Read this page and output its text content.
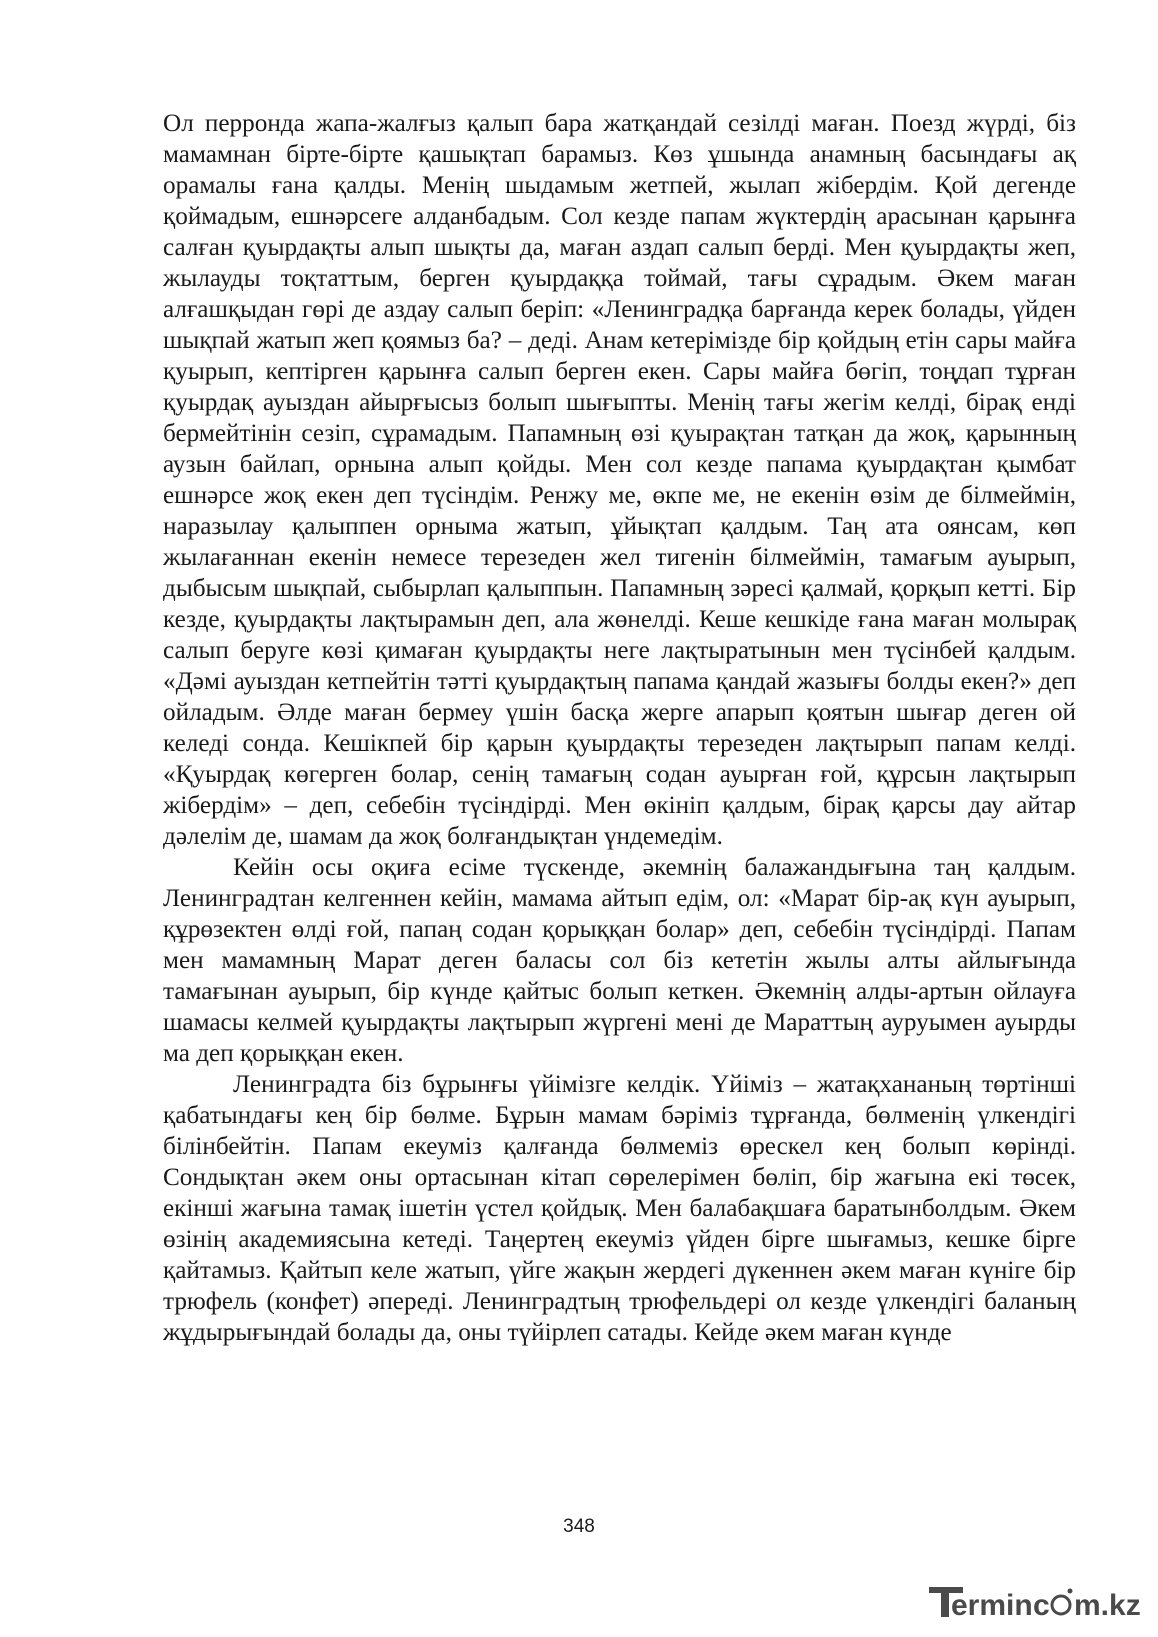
Ол перронда жапа-жалғыз қалып бара жатқандай сезілді маған. Поезд жүрді, біз мамамнан біртe-біртe қашықтап барамыз. Көз ұшында анамның басындағы ақ орамалы ғана қалды. Менің шыдамым жетпей, жылап жібердім. Қой дегенде қоймадым, ешнәрсеге алданбадым. Сол кезде папам жүктердің арасынан қарынға салған қуырдақты алып шықты да, маған аздап салып берді. Мен қуырдақты жеп, жылауды тоқтаттым, берген қуырдаққа тоймай, тағы сұрадым. Әкем маған алғашқыдан гөрі де аздау салып беріп: «Ленинградқа барғанда керек болады, үйден шықпай жатып жеп қоямыз ба? – деді. Анам кетерімізде бір қойдың етін сары майға қуырып, кептірген қарынға салып берген екен. Сары майға бөгіп, тоңдап тұрған қуырдақ ауыздан айырғысыз болып шығыпты. Менің тағы жегім келді, бірақ енді бермейтінін сезіп, сұрамадым. Папамның өзі қуырақтан татқан да жоқ, қарынның аузын байлап, орнына алып қойды. Мен сол кезде папама қуырдақтан қымбат ешнәрсе жоқ екен деп түсіндім. Ренжу ме, өкпе ме, не екенін өзім де білмеймін, наразылау қалыппен орныма жатып, ұйықтап қалдым. Таң ата оянсам, көп жылағаннан екенін немесе терезеден жел тигенін білмеймін, тамағым ауырып, дыбысым шықпай, сыбырлап қалыппын. Папамның зәресі қалмай, қорқып кетті. Бір кезде, қуырдақты лақтырамын деп, ала жөнелді. Кеше кешкіде ғана маған молырақ салып беруге көзі қимаған қуырдақты неге лақтыратынын мен түсінбей қалдым. «Дәмі ауыздан кетпейтін тәтті қуырдақтың папама қандай жазығы болды екен?» деп ойладым. Әлде маған бермеу үшін басқа жерге апарып қоятын шығар деген ой келеді сонда. Кешікпей бір қарын қуырдақты терезеден лақтырып папам келді. «Қуырдақ көгерген болар, сенің тамағың содан ауырған ғой, құрсын лақтырып жібердім» – деп, себебін түсіндірді. Мен өкініп қалдым, бірақ қарсы дау айтар дәлелім де, шамам да жоқ болғандықтан үндемедім.

Кейін осы оқиға есіме түскенде, әкемнің балажандығына таң қалдым. Ленинградтан келгеннен кейін, мамама айтып едім, ол: «Марат бір-ақ күн ауырып, құрөзектен өлді ғой, папаң содан қорыққан болар» деп, себебін түсіндірді. Папам мен мамамның Марат деген баласы сол біз кететін жылы алты айлығында тамағынан ауырып, бір күнде қайтыс болып кеткен. Әкемнің алды-артын ойлауға шамасы келмей қуырдақты лақтырып жүргені мені де Мараттың ауруымен ауырды ма деп қорыққан екен.

Ленинградта біз бұрынғы үйімізге келдік. Үйіміз – жатақхананың төртінші қабатындағы кең бір бөлме. Бұрын мамам бәріміз тұрғанда, бөлменің үлкендігі білінбейтін. Папам екеуміз қалғанда бөлмеміз өрескел кең болып көрінді. Сондықтан әкем оны ортасынан кітап сөрелерімен бөліп, бір жағына екі төсек, екінші жағына тамақ ішетін үстел қойдық. Мен балабақшаға баратынболдым. Әкем өзінің академиясына кетеді. Таңертең екеуміз үйден бірге шығамыз, кешке бірге қайтамыз. Қайтып келе жатып, үйге жақын жердегі дүкеннен әкем маған күніге бір трюфель (конфет) әпереді. Ленинградтың трюфельдері ол кезде үлкендігі баланың жұдырығындай болады да, оны түйірлеп сатады. Кейде әкем маған күнде

348
ermin c m.kz
